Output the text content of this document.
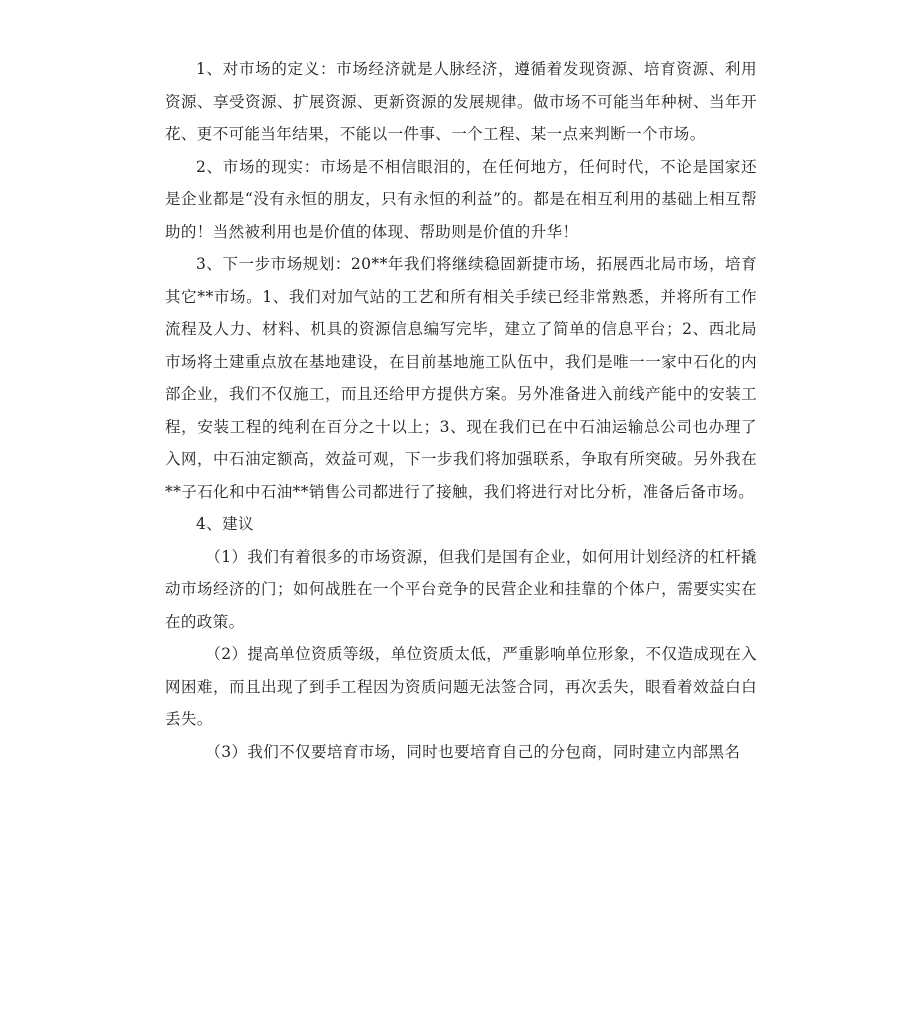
1、对市场的定义：市场经济就是人脉经济，遵循着发现资源、培育资源、利用资源、享受资源、扩展资源、更新资源的发展规律。做市场不可能当年种树、当年开花、更不可能当年结果，不能以一件事、一个工程、某一点来判断一个市场。

2、市场的现实：市场是不相信眼泪的，在任何地方，任何时代，不论是国家还是企业都是“没有永恒的朋友，只有永恒的利益”的。都是在相互利用的基础上相互帮助的！当然被利用也是价值的体现、帮助则是价值的升华！

3、下一步市场规划：20**年我们将继续稳固新捷市场，拓展西北局市场，培育其它**市场。1、我们对加气站的工艺和所有相关手续已经非常熟悉，并将所有工作流程及人力、材料、机具的资源信息编写完毕，建立了简单的信息平台；2、西北局市场将土建重点放在基地建设，在目前基地施工队伍中，我们是唯一一家中石化的内部企业，我们不仅施工，而且还给甲方提供方案。另外准备进入前线产能中的安装工程，安装工程的纯利在百分之十以上；3、现在我们已在中石油运输总公司也办理了入网，中石油定额高，效益可观，下一步我们将加强联系，争取有所突破。另外我在**子石化和中石油**销售公司都进行了接触，我们将进行对比分析，准备后备市场。

4、建议

（1）我们有着很多的市场资源，但我们是国有企业，如何用计划经济的杠杆撬动市场经济的门；如何战胜在一个平台竞争的民营企业和挂靠的个体户，需要实实在在的政策。

（2）提高单位资质等级，单位资质太低，严重影响单位形象，不仅造成现在入网困难，而且出现了到手工程因为资质问题无法签合同，再次丢失，眼看着效益白白丢失。

（3）我们不仅要培育市场，同时也要培育自己的分包商，同时建立内部黑名
